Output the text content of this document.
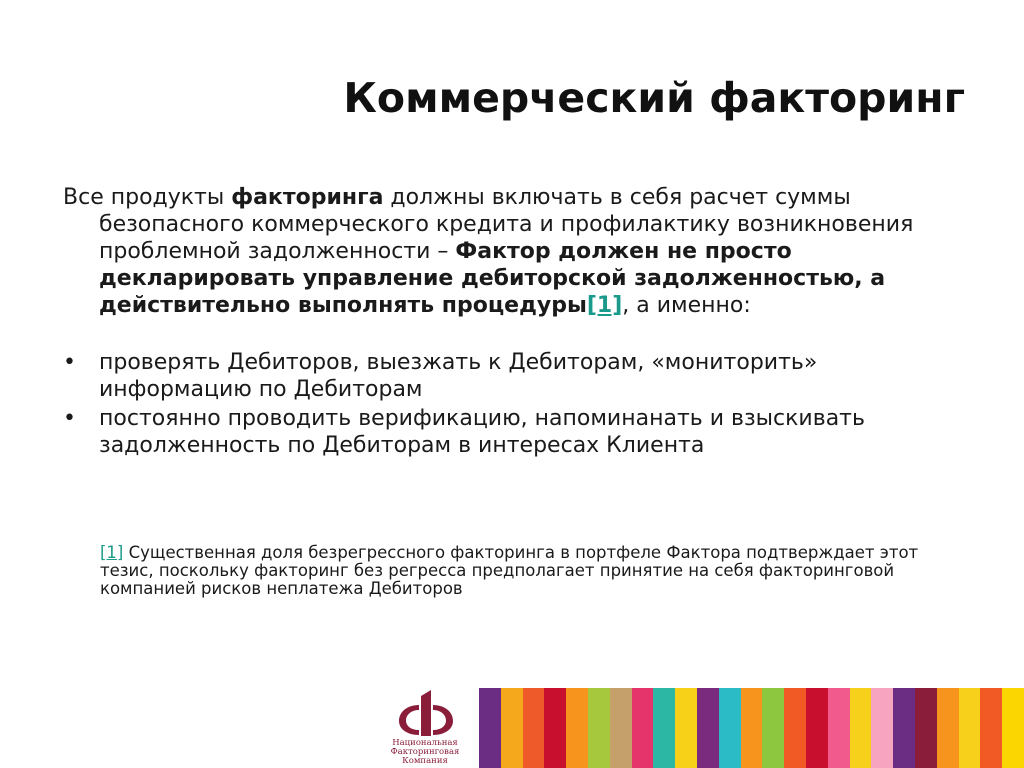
Коммерческий факторинг

Все продукты факторинга должны включать в себя расчет суммы безопасного коммерческого кредита и профилактику возникновения проблемной задолженности – Фактор должен не просто декларировать управление дебиторской задолженностью, а действительно выполнять процедуры[1], а именно:

•	проверять Дебиторов, выезжать к Дебиторам, «мониторить» информацию по Дебиторам
•	постоянно проводить верификацию, напоминанать и взыскивать задолженность по Дебиторам в интересах Клиента
[1] Существенная доля безрегрессного факторинга в портфеле Фактора подтверждает этот тезис, поскольку факторинг без регресса предполагает принятие на себя факторинговой компанией рисков неплатежа Дебиторов
Национальная
Факторинговая
Компания
